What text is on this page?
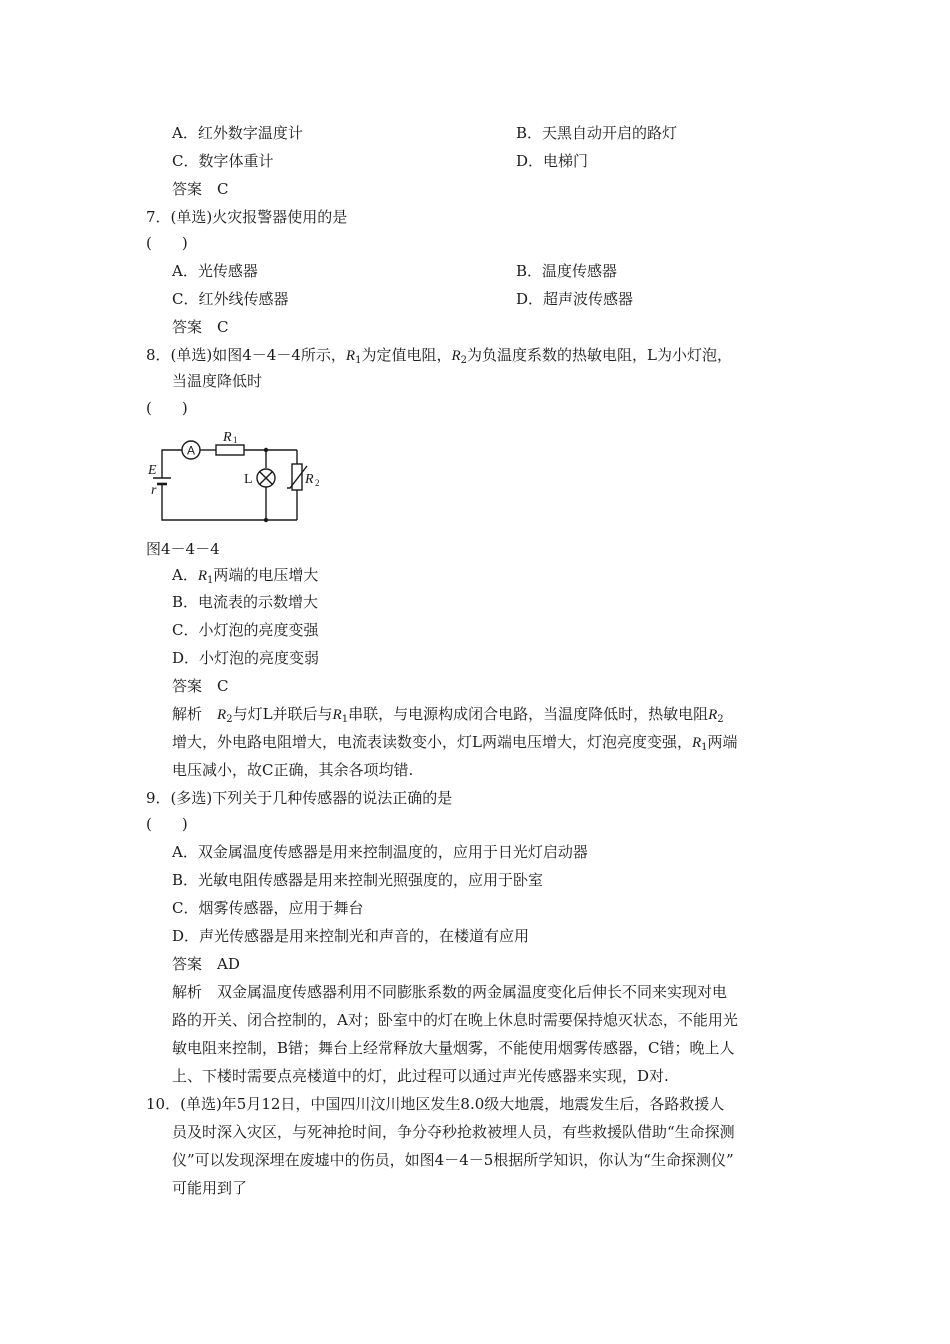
A．红外数字温度计	B．天黑自动开启的路灯
C．数字体重计	D．电梯门
答案　C
7．(单选)火灾报警器使用的是
(　　)
A．光传感器	B．温度传感器
C．红外线传感器	D．超声波传感器
答案　C
8．(单选)如图4－4－4所示，$R_1$为定值电阻，$R_2$为负温度系数的热敏电阻，L为小灯泡，
当温度降低时
(　　)
A
R 1
E
r
L	R 2
图4－4－4
A．$R_1$两端的电压增大
B．电流表的示数增大
C．小灯泡的亮度变强
D．小灯泡的亮度变弱
答案　C
解析　$R_2$与灯L并联后与$R_1$串联，与电源构成闭合电路，当温度降低时，热敏电阻$R_2$
增大，外电路电阻增大，电流表读数变小，灯L两端电压增大，灯泡亮度变强，$R_1$两端
电压减小，故C正确，其余各项均错.
9．(多选)下列关于几种传感器的说法正确的是
(　　)
A．双金属温度传感器是用来控制温度的，应用于日光灯启动器
B．光敏电阻传感器是用来控制光照强度的，应用于卧室
C．烟雾传感器，应用于舞台
D．声光传感器是用来控制光和声音的，在楼道有应用
答案　AD
解析　双金属温度传感器利用不同膨胀系数的两金属温度变化后伸长不同来实现对电
路的开关、闭合控制的，A对；卧室中的灯在晚上休息时需要保持熄灭状态，不能用光
敏电阻来控制，B错；舞台上经常释放大量烟雾，不能使用烟雾传感器，C错；晚上人
上、下楼时需要点亮楼道中的灯，此过程可以通过声光传感器来实现，D对.
10．(单选)年5月12日，中国四川汶川地区发生8.0级大地震，地震发生后，各路救援人
员及时深入灾区，与死神抢时间，争分夺秒抢救被埋人员，有些救援队借助“生命探测
仪”可以发现深埋在废墟中的伤员，如图4－4－5根据所学知识，你认为“生命探测仪”
可能用到了
